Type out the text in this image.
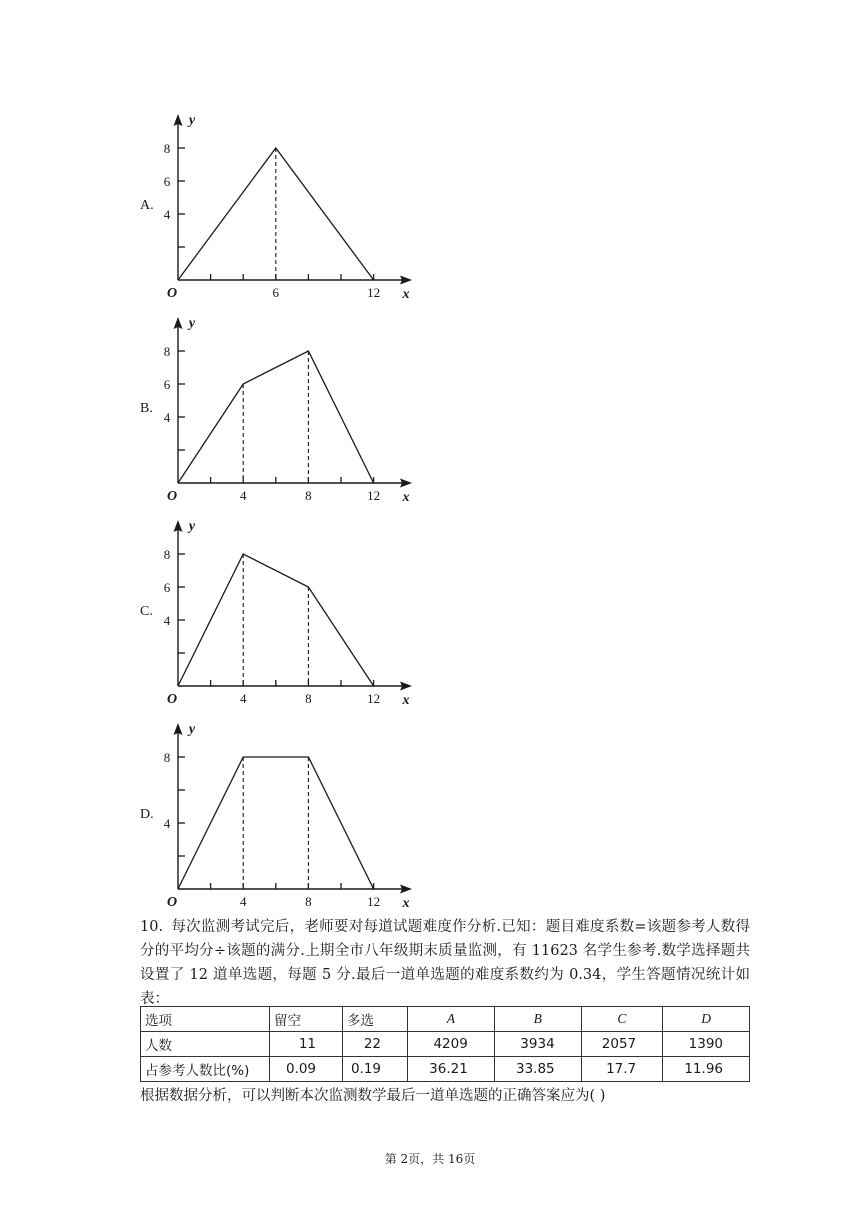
A.
8
6
4
6	12
O	x
y
B.
8
6
4
4	8	12
O	x
y
C.
8
6
4
4	8	12
O	x
y
D.
8
4
4	8	12
O	x
y
10. 每次监测考试完后，老师要对每道试题难度作分析.已知：题目难度系数=该题参考人数得分的平均分÷该题的满分.上期全市八年级期末质量监测，有 11623 名学生参考.数学选择题共设置了 12 道单选题，每题 5 分.最后一道单选题的难度系数约为 0.34，学生答题情况统计如表：
选项	留空	多选	A	B	C	D
人数	11	22	4209	3934	2057	1390
占参考人数比(%)	0.09	0.19	36.21	33.85	17.7	11.96
根据数据分析，可以判断本次监测数学最后一道单选题的正确答案应为( )
第 2页，共 16页
